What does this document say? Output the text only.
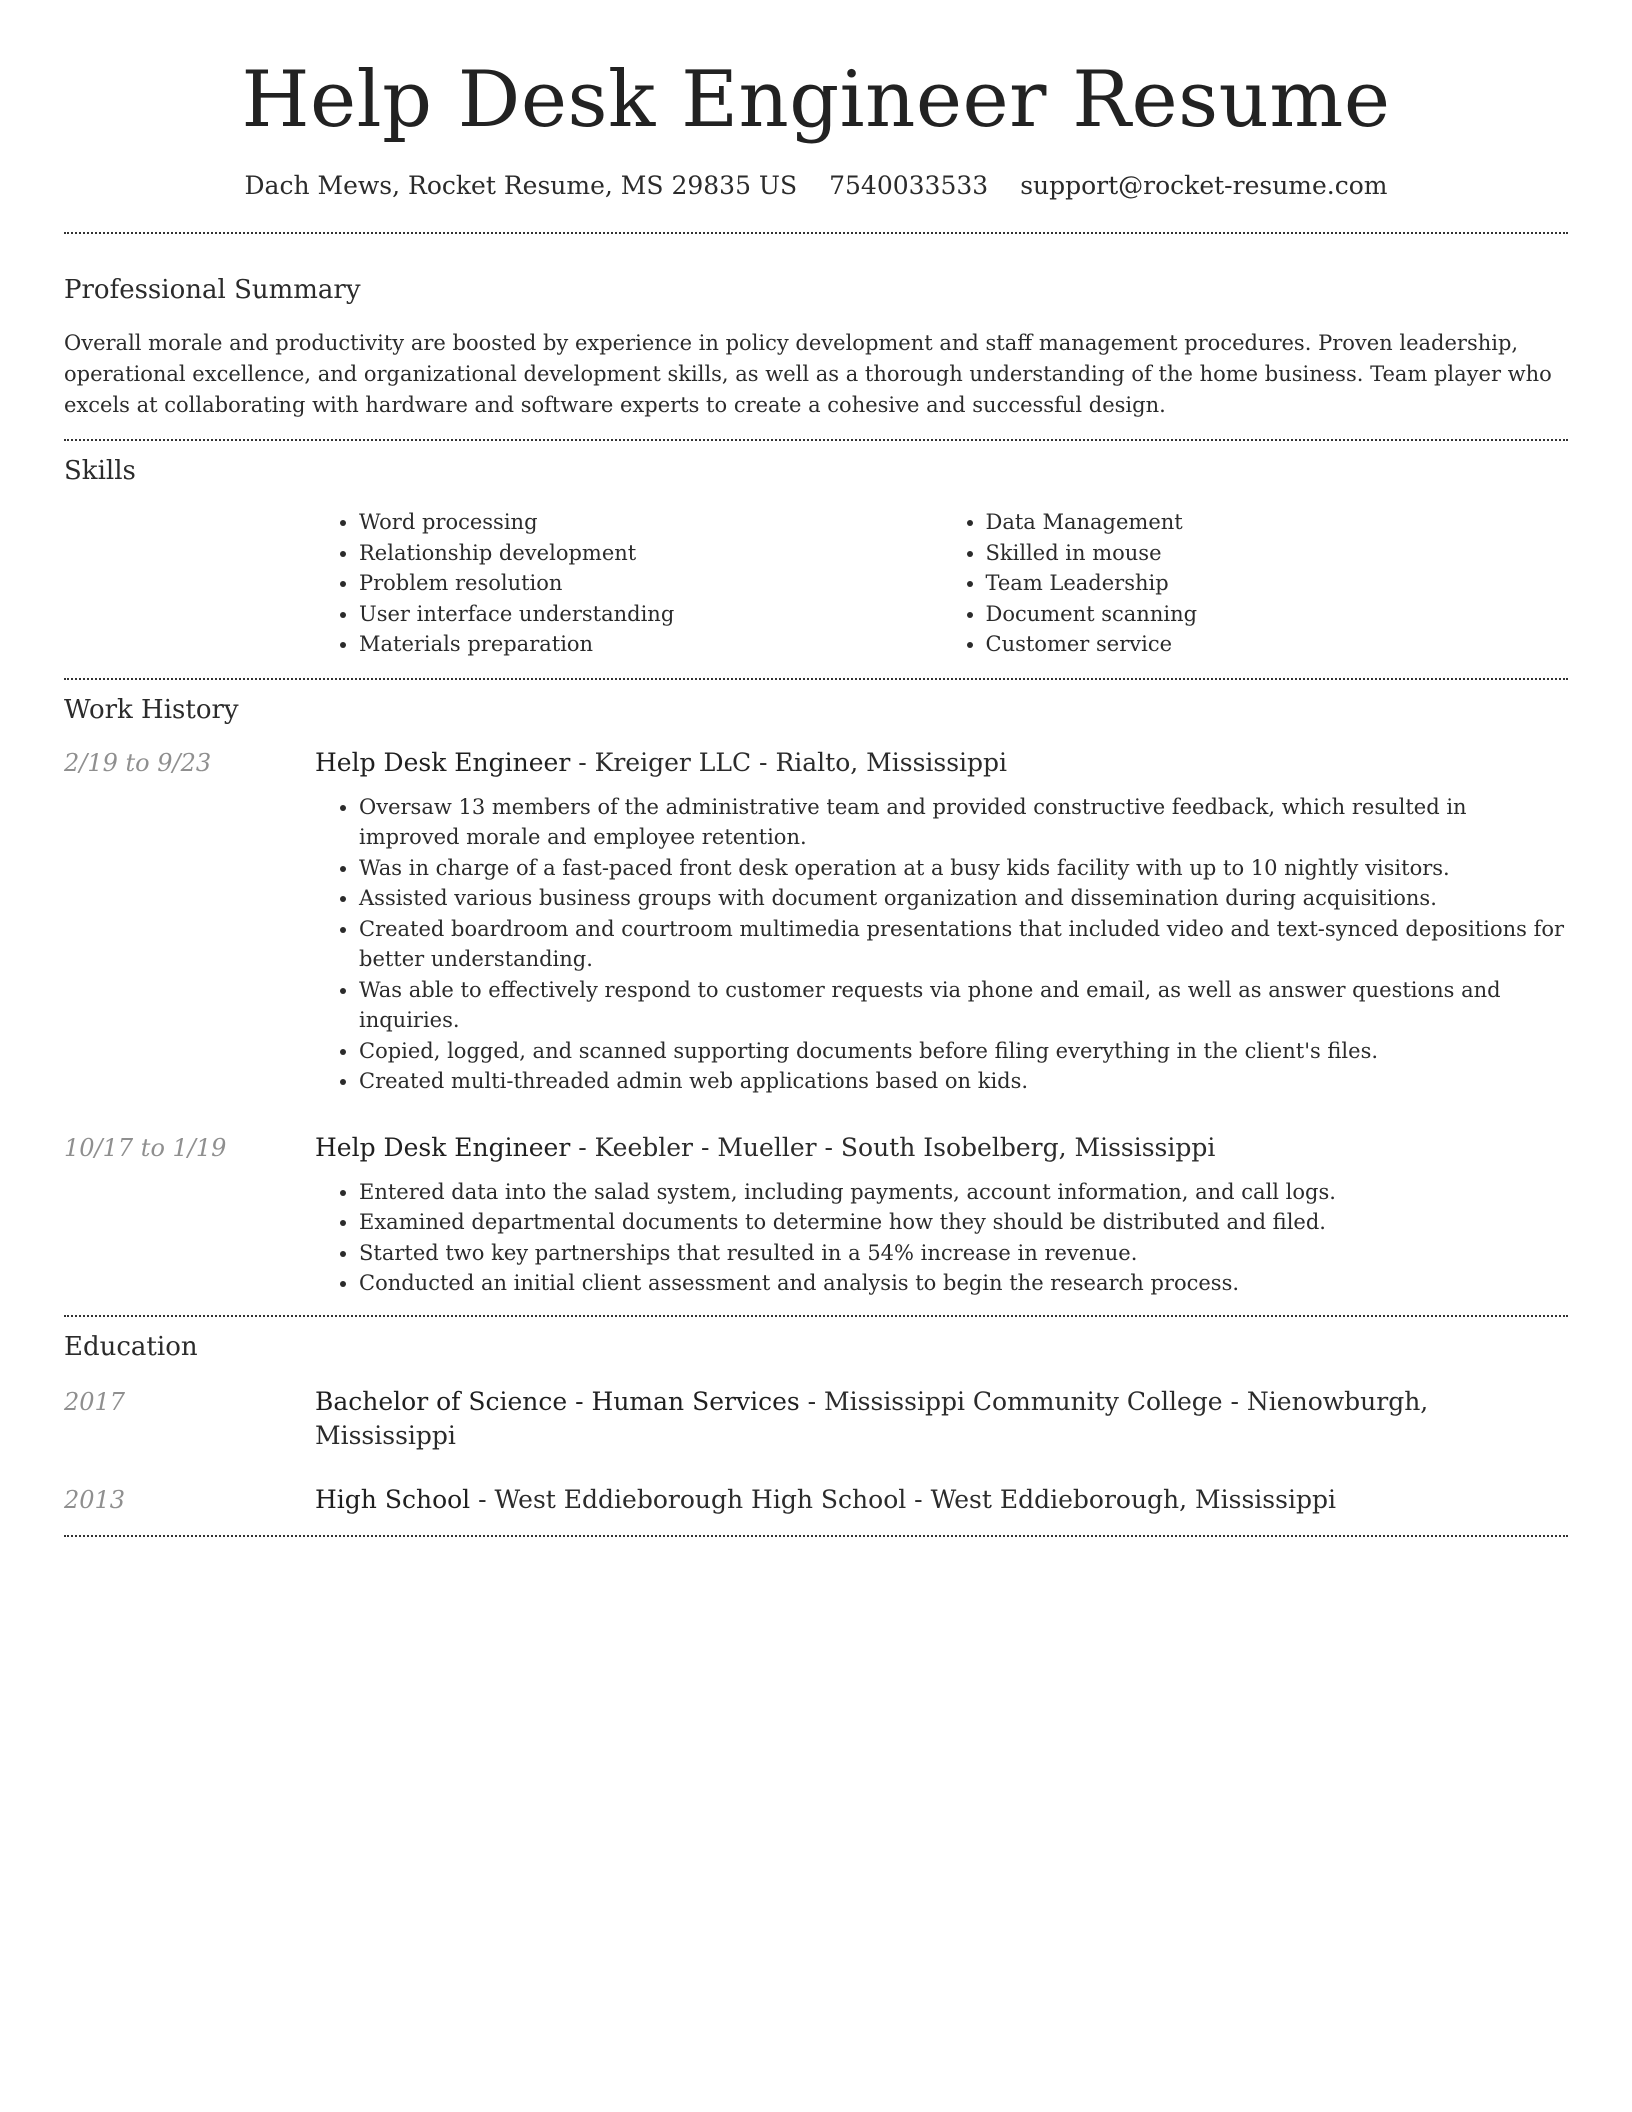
Help Desk Engineer Resume
Dach Mews, Rocket Resume, MS 29835 US 7540033533 support@rocket-resume.com
Professional Summary

Overall morale and productivity are boosted by experience in policy development and staff management procedures. Proven leadership, operational excellence, and organizational development skills, as well as a thorough understanding of the home business. Team player who excels at collaborating with hardware and software experts to create a cohesive and successful design.

Skills
• Word processing
• Relationship development
• Problem resolution
• User interface understanding
• Materials preparation
• Data Management
• Skilled in mouse
• Team Leadership
• Document scanning
• Customer service
Work History
2/19 to 9/23	Help Desk Engineer - Kreiger LLC - Rialto, Mississippi

• Oversaw 13 members of the administrative team and provided constructive feedback, which resulted in improved morale and employee retention.
• Was in charge of a fast-paced front desk operation at a busy kids facility with up to 10 nightly visitors.
• Assisted various business groups with document organization and dissemination during acquisitions.
• Created boardroom and courtroom multimedia presentations that included video and text-synced depositions for better understanding.
• Was able to effectively respond to customer requests via phone and email, as well as answer questions and inquiries.
• Copied, logged, and scanned supporting documents before filing everything in the client's files.
• Created multi-threaded admin web applications based on kids.
10/17 to 1/19	Help Desk Engineer - Keebler - Mueller - South Isobelberg, Mississippi

• Entered data into the salad system, including payments, account information, and call logs.
• Examined departmental documents to determine how they should be distributed and filed.
• Started two key partnerships that resulted in a 54% increase in revenue.
• Conducted an initial client assessment and analysis to begin the research process.
Education
2017	Bachelor of Science - Human Services - Mississippi Community College - Nienowburgh, Mississippi

2013	High School - West Eddieborough High School - West Eddieborough, Mississippi
